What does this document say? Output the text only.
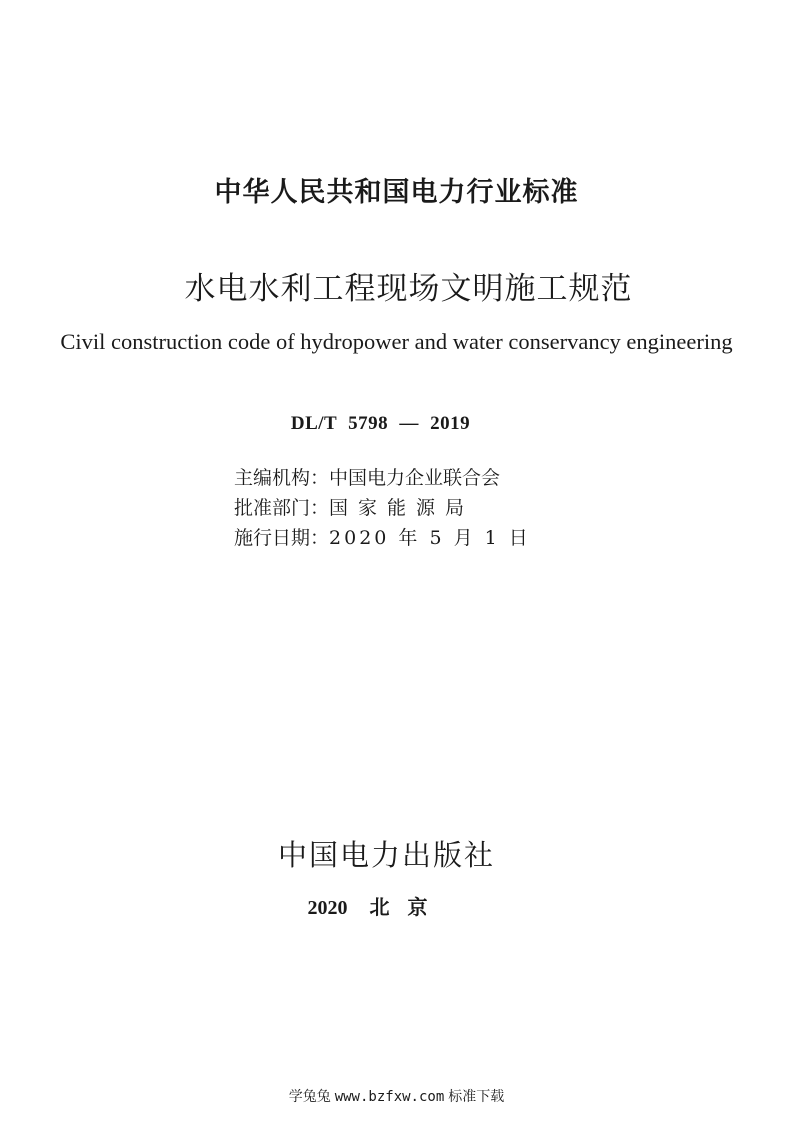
中华人民共和国电力行业标准
水电水利工程现场文明施工规范
Civil construction code of hydropower and water conservancy engineering
DL/T 5798 — 2019
主编机构：中国电力企业联合会
批准部门：国家能源局
施行日期：2020 年 5 月 1 日
中国电力出版社
2020 北京
学兔兔 www.bzfxw.com 标准下载
